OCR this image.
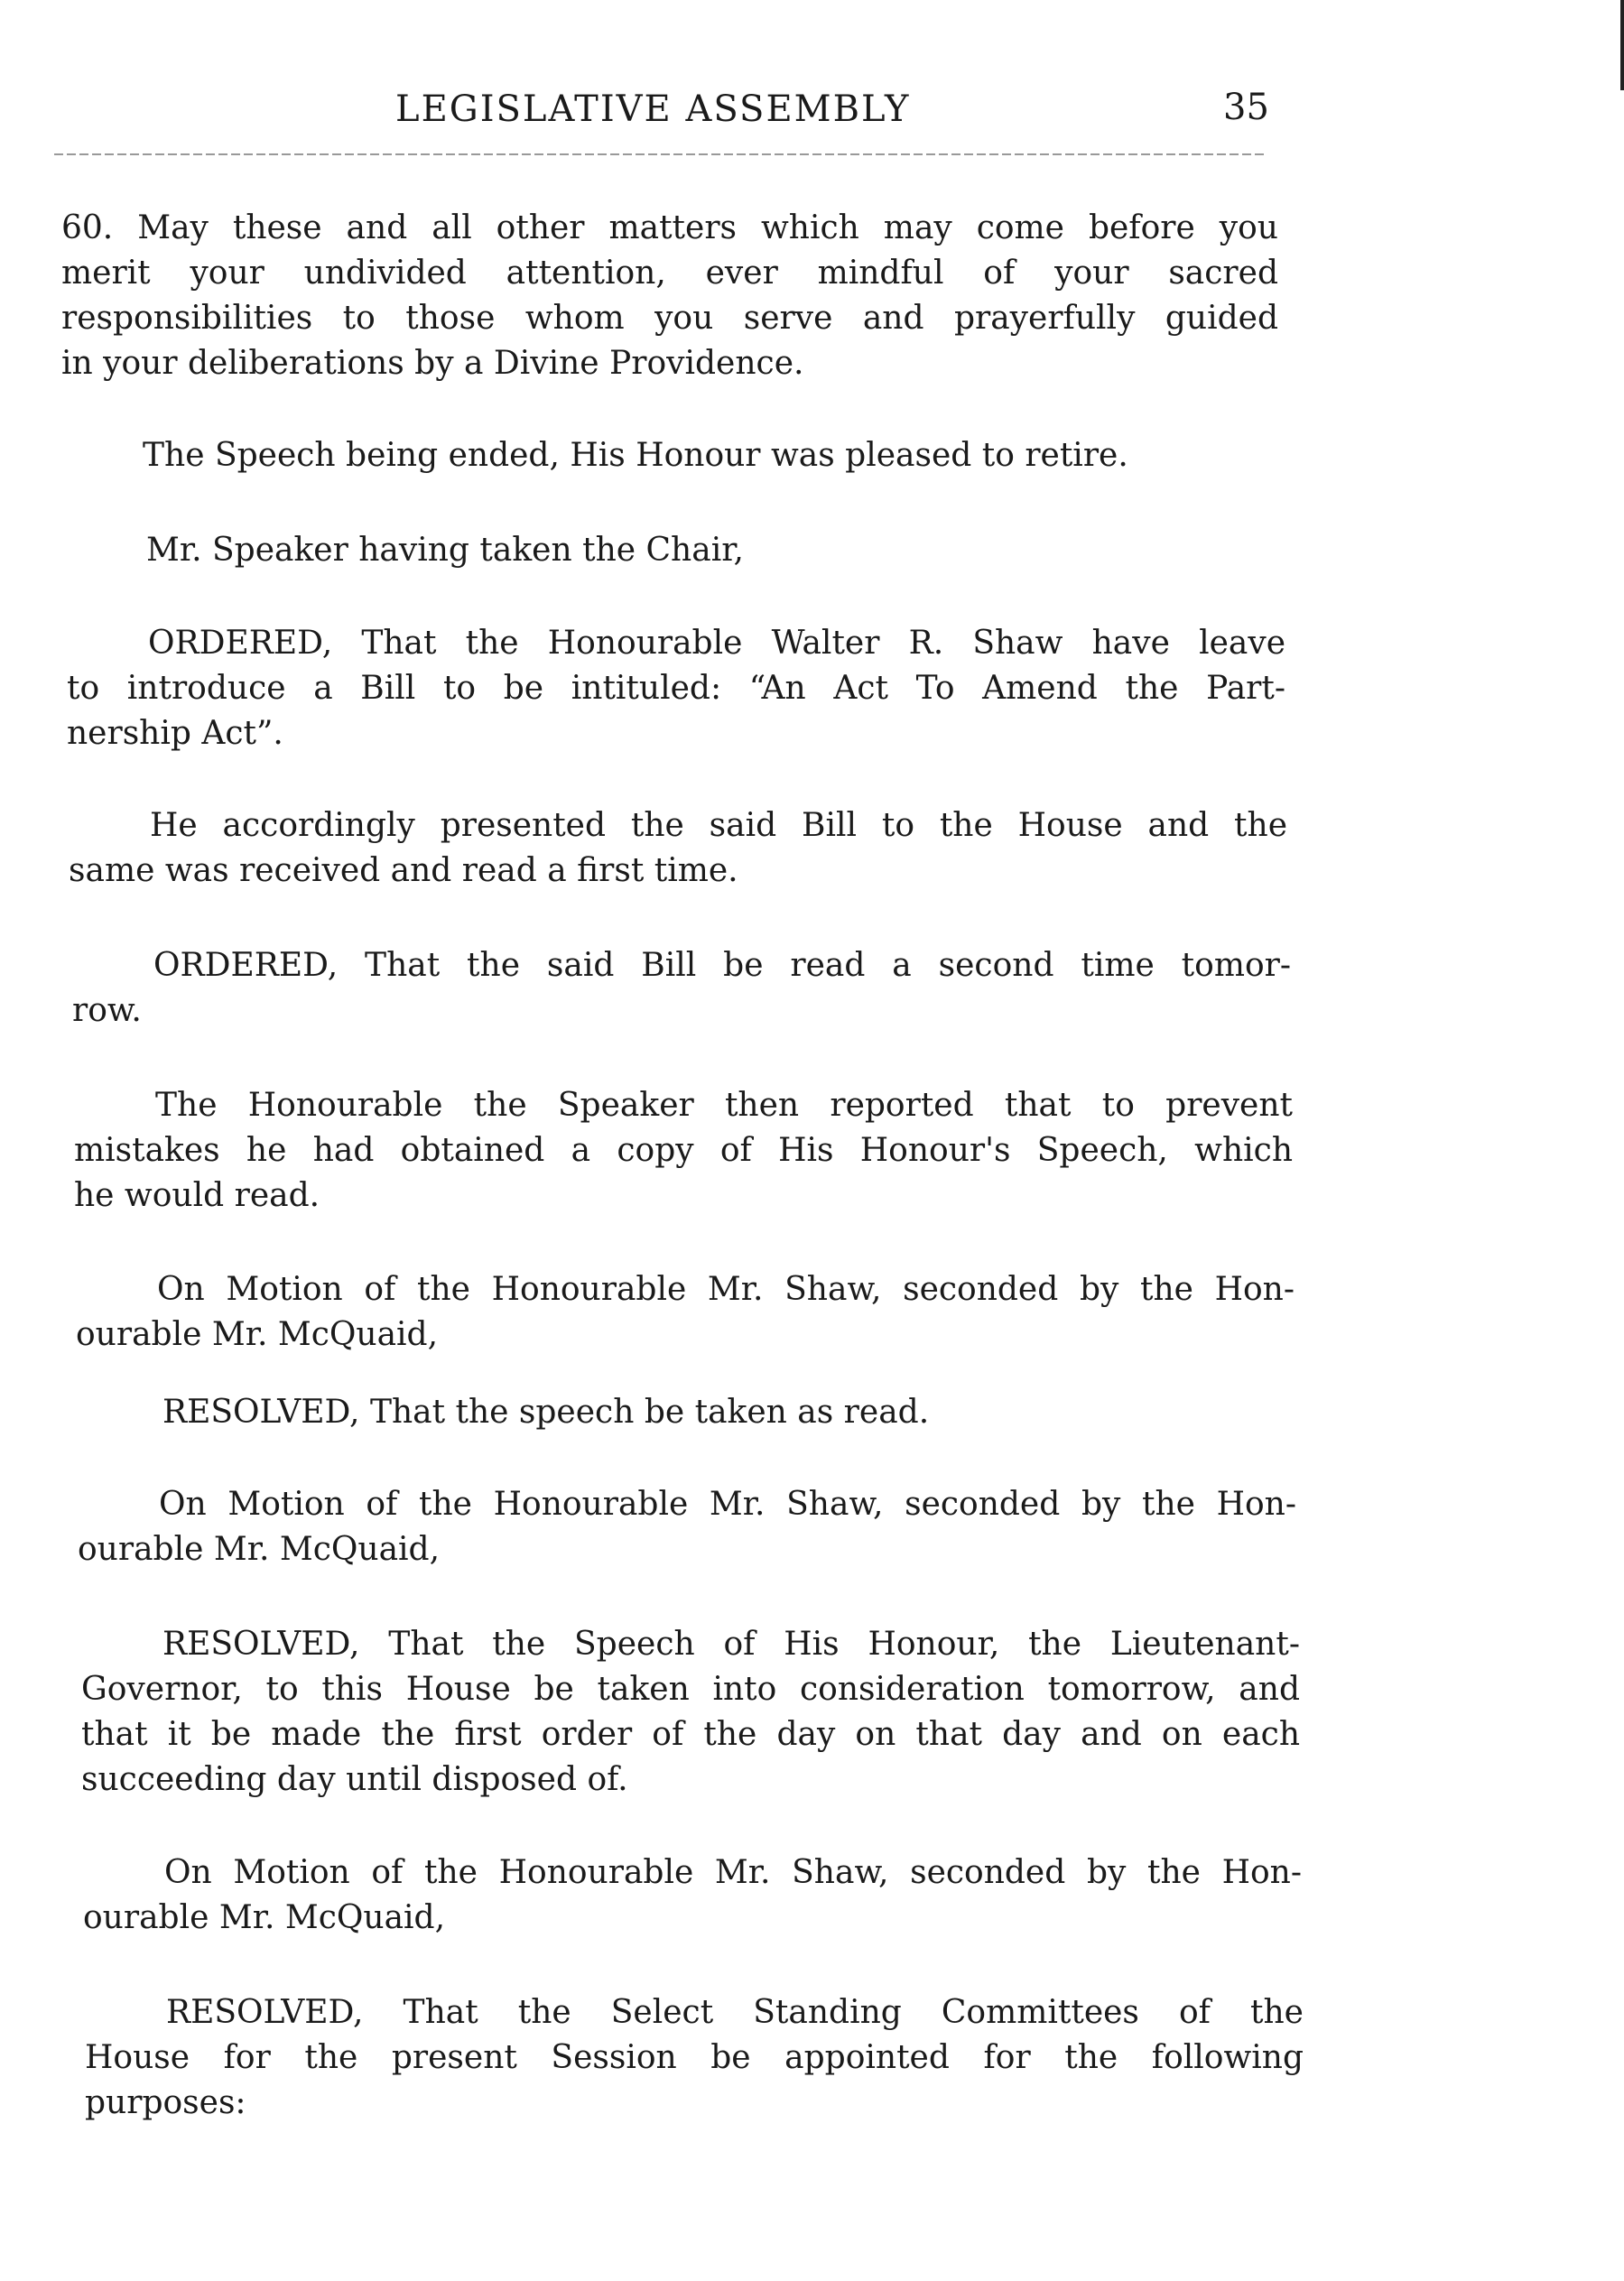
LEGISLATIVE ASSEMBLY	35
60. May these and all other matters which may come before you
merit your undivided attention, ever mindful of your sacred
responsibilities to those whom you serve and prayerfully guided
in your deliberations by a Divine Providence.
The Speech being ended, His Honour was pleased to retire.
Mr. Speaker having taken the Chair,
ORDERED, That the Honourable Walter R. Shaw have leave
to introduce a Bill to be intituled: “An Act To Amend the Part-
nership Act”.
He accordingly presented the said Bill to the House and the
same was received and read a first time.
ORDERED, That the said Bill be read a second time tomor-
row.
The Honourable the Speaker then reported that to prevent
mistakes he had obtained a copy of His Honour's Speech, which
he would read.
On Motion of the Honourable Mr. Shaw, seconded by the Hon-
ourable Mr. McQuaid,
RESOLVED, That the speech be taken as read.
On Motion of the Honourable Mr. Shaw, seconded by the Hon-
ourable Mr. McQuaid,
RESOLVED, That the Speech of His Honour, the Lieutenant-
Governor, to this House be taken into consideration tomorrow, and
that it be made the first order of the day on that day and on each
succeeding day until disposed of.
On Motion of the Honourable Mr. Shaw, seconded by the Hon-
ourable Mr. McQuaid,
RESOLVED, That the Select Standing Committees of the
House for the present Session be appointed for the following
purposes:
